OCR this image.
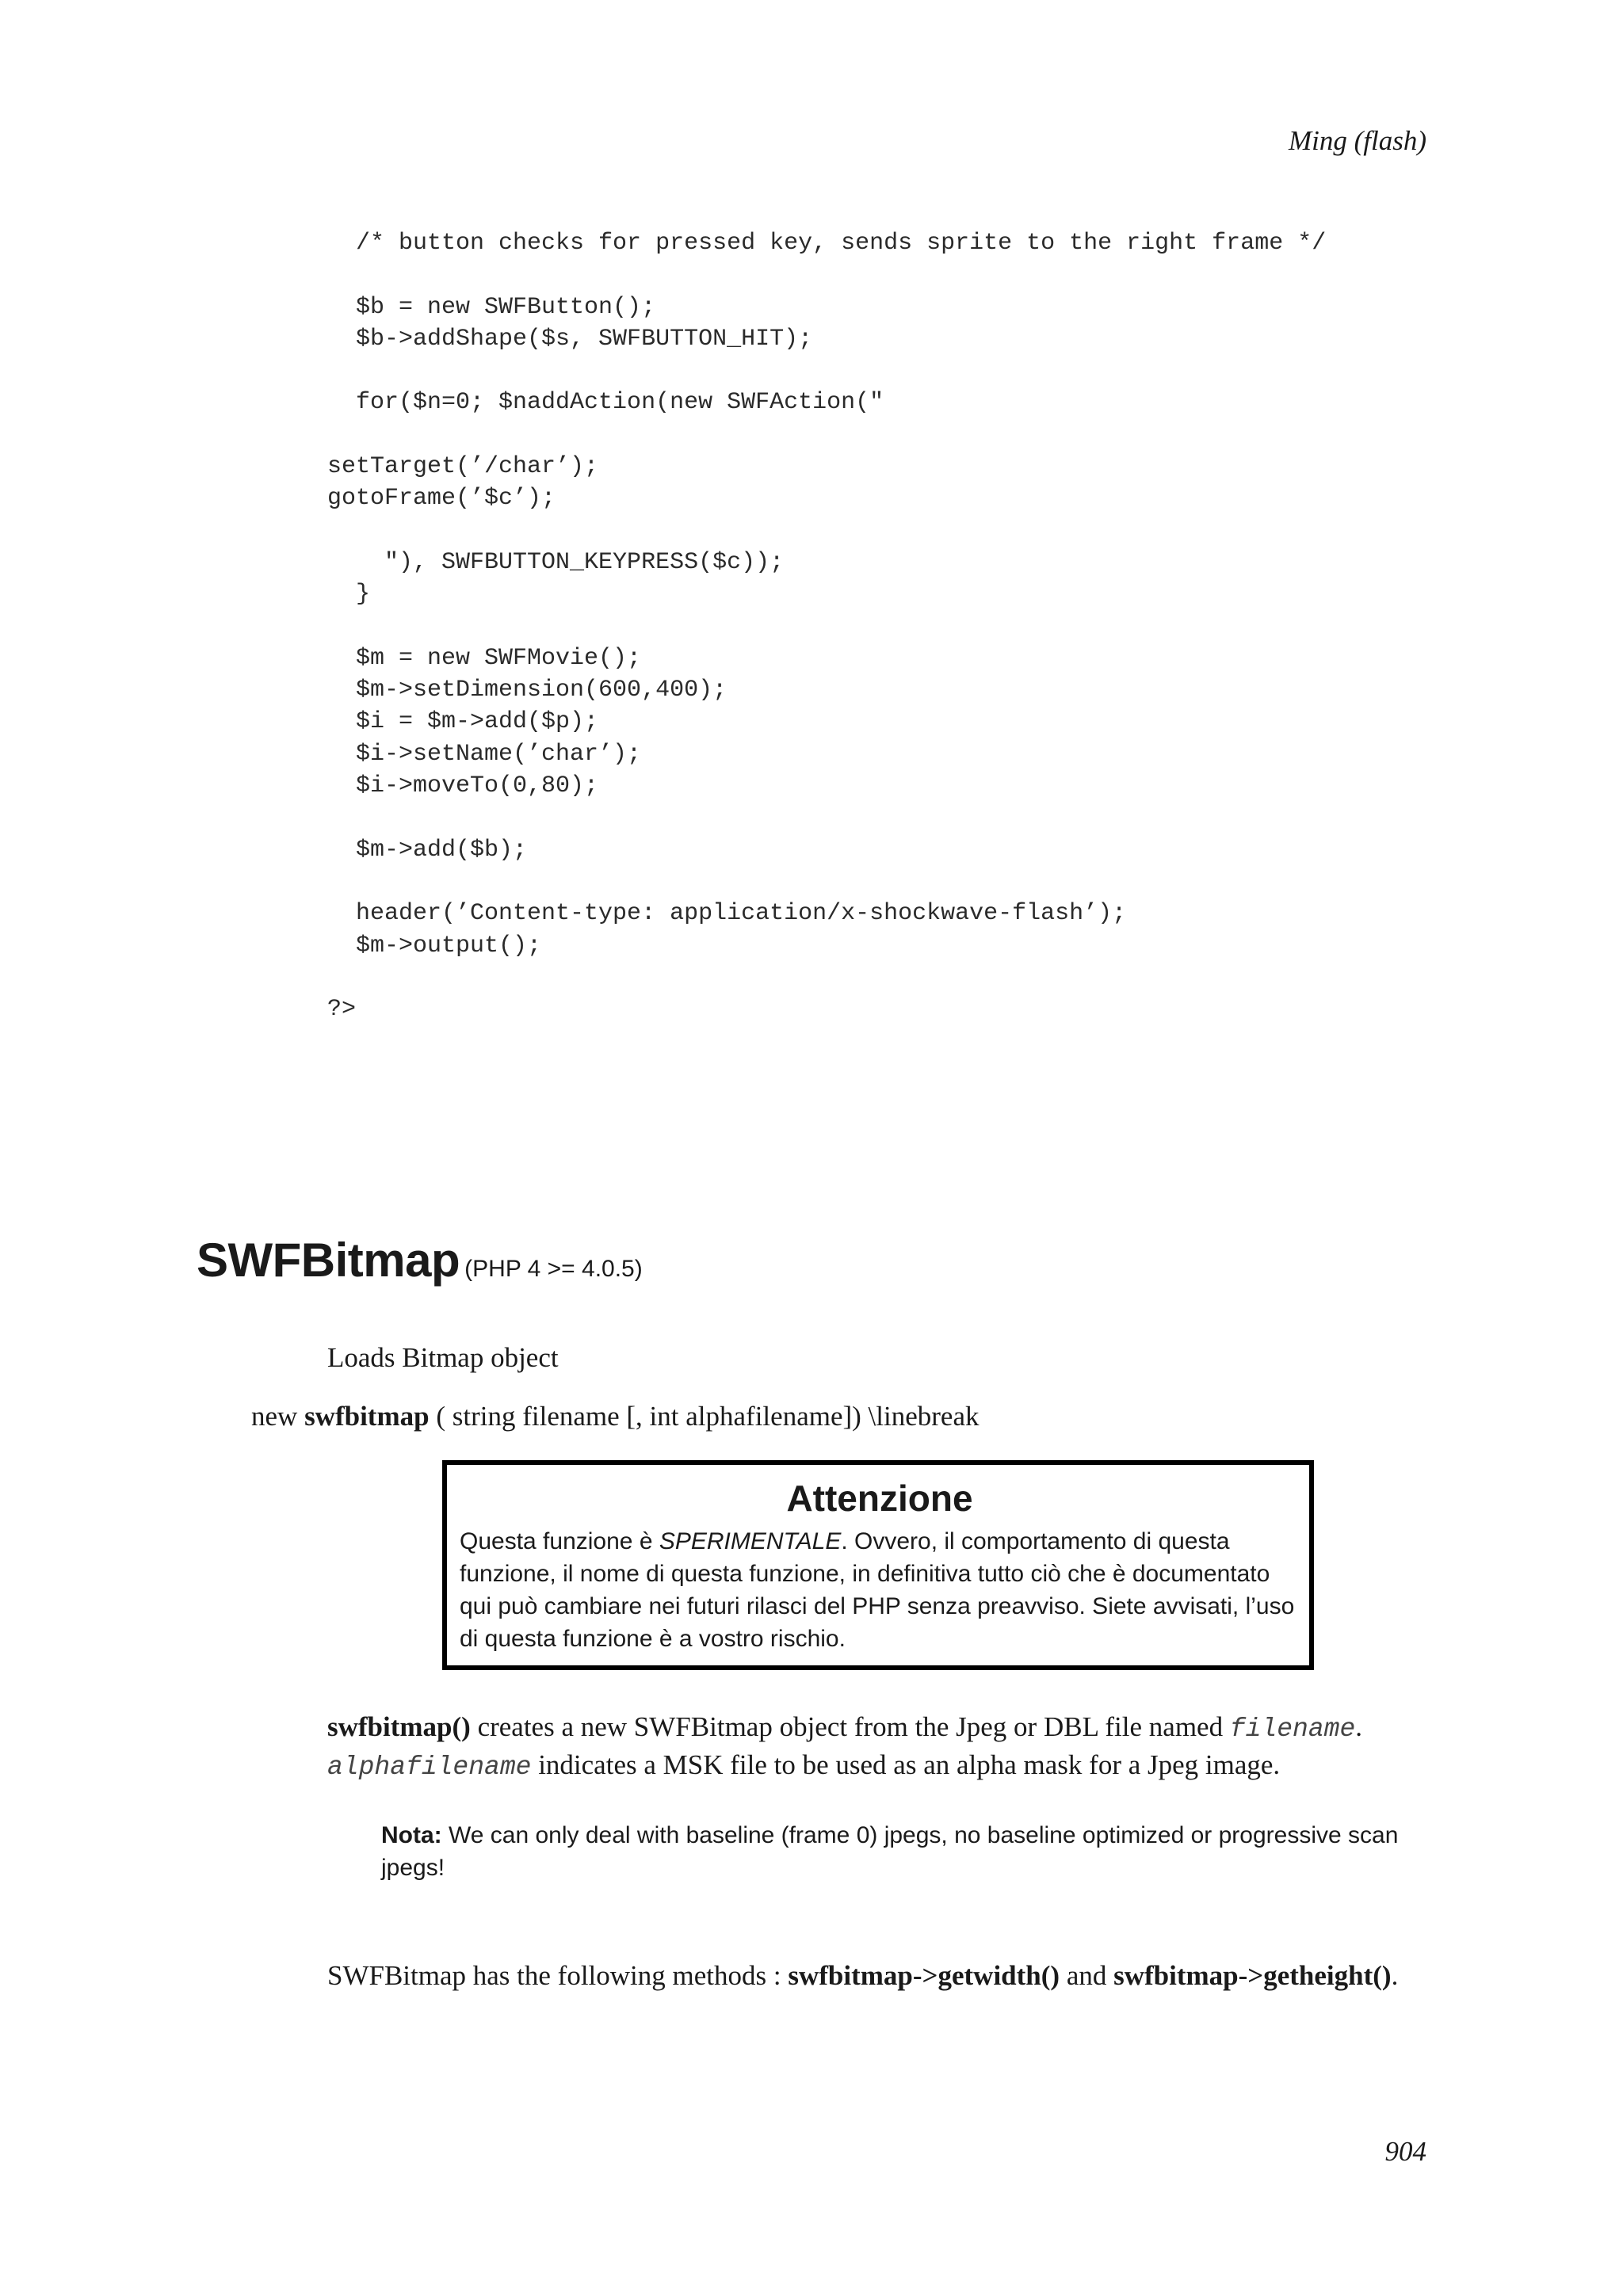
Ming (flash)
/* button checks for pressed key, sends sprite to the right frame */

$b = new SWFButton();
$b->addShape($s, SWFBUTTON_HIT);

for($n=0; $naddAction(new SWFAction("

setTarget(’/char’);
gotoFrame(’$c’);

"), SWFBUTTON_KEYPRESS($c));
}

$m = new SWFMovie();
$m->setDimension(600,400);
$i = $m->add($p);
$i->setName(’char’);
$i->moveTo(0,80);

$m->add($b);

header(’Content-type: application/x-shockwave-flash’);
$m->output();

?>

SWFBitmap (PHP 4 >= 4.0.5)
Loads Bitmap object
new swfbitmap ( string filename [, int alphafilename]) \linebreak
Attenzione
Questa funzione è SPERIMENTALE. Ovvero, il comportamento di questa funzione, il nome di questa funzione, in definitiva tutto ciò che è documentato qui può cambiare nei futuri rilasci del PHP senza preavviso. Siete avvisati, l’uso di questa funzione è a vostro rischio.
swfbitmap() creates a new SWFBitmap object from the Jpeg or DBL file named filename.
alphafilename indicates a MSK file to be used as an alpha mask for a Jpeg image.
Nota: We can only deal with baseline (frame 0) jpegs, no baseline optimized or progressive scan jpegs!
SWFBitmap has the following methods : swfbitmap->getwidth() and swfbitmap->getheight().
904
